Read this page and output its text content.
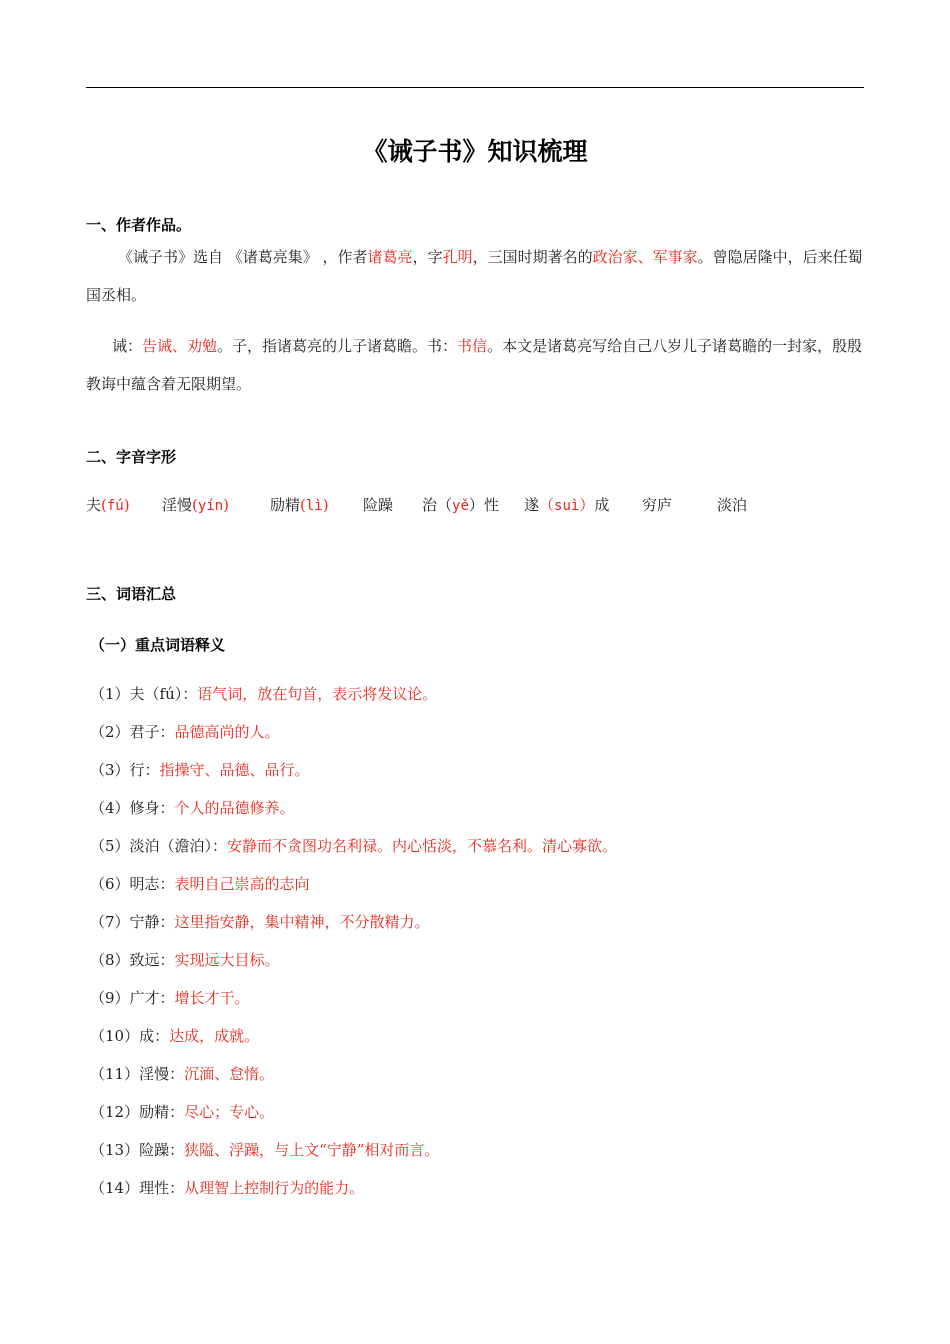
《诫子书》知识梳理
一、作者作品。
《诫子书》选自 《诸葛亮集》 ，作者诸葛亮，字孔明，三国时期著名的政治家、军事家。曾隐居隆中，后来任蜀国丞相。
诫：告诫、劝勉。子，指诸葛亮的儿子诸葛瞻。书：书信。本文是诸葛亮写给自己八岁儿子诸葛瞻的一封家，殷殷教诲中蕴含着无限期望。
二、字音字形
夫(fú) 淫慢(yín)	励精(lì) 险躁 治（yě）性 遂（suì）成 穷庐	淡泊
三、词语汇总
（一）重点词语释义
（1）夫（fú）：语气词，放在句首，表示将发议论。
（2）君子：品德高尚的人。
（3）行：指操守、品德、品行。
（4）修身：个人的品德修养。
（5）淡泊（澹泊）：安静而不贪图功名利禄。内心恬淡，不慕名利。清心寡欲。
（6）明志：表明自己崇高的志向
（7）宁静：这里指安静，集中精神，不分散精力。
（8）致远：实现远大目标。
（9）广才：增长才干。
（10）成：达成，成就。
（11）淫慢：沉湎、怠惰。
（12）励精：尽心；专心。
（13）险躁：狭隘、浮躁，与上文“宁静”相对而言。
（14）理性：从理智上控制行为的能力。
